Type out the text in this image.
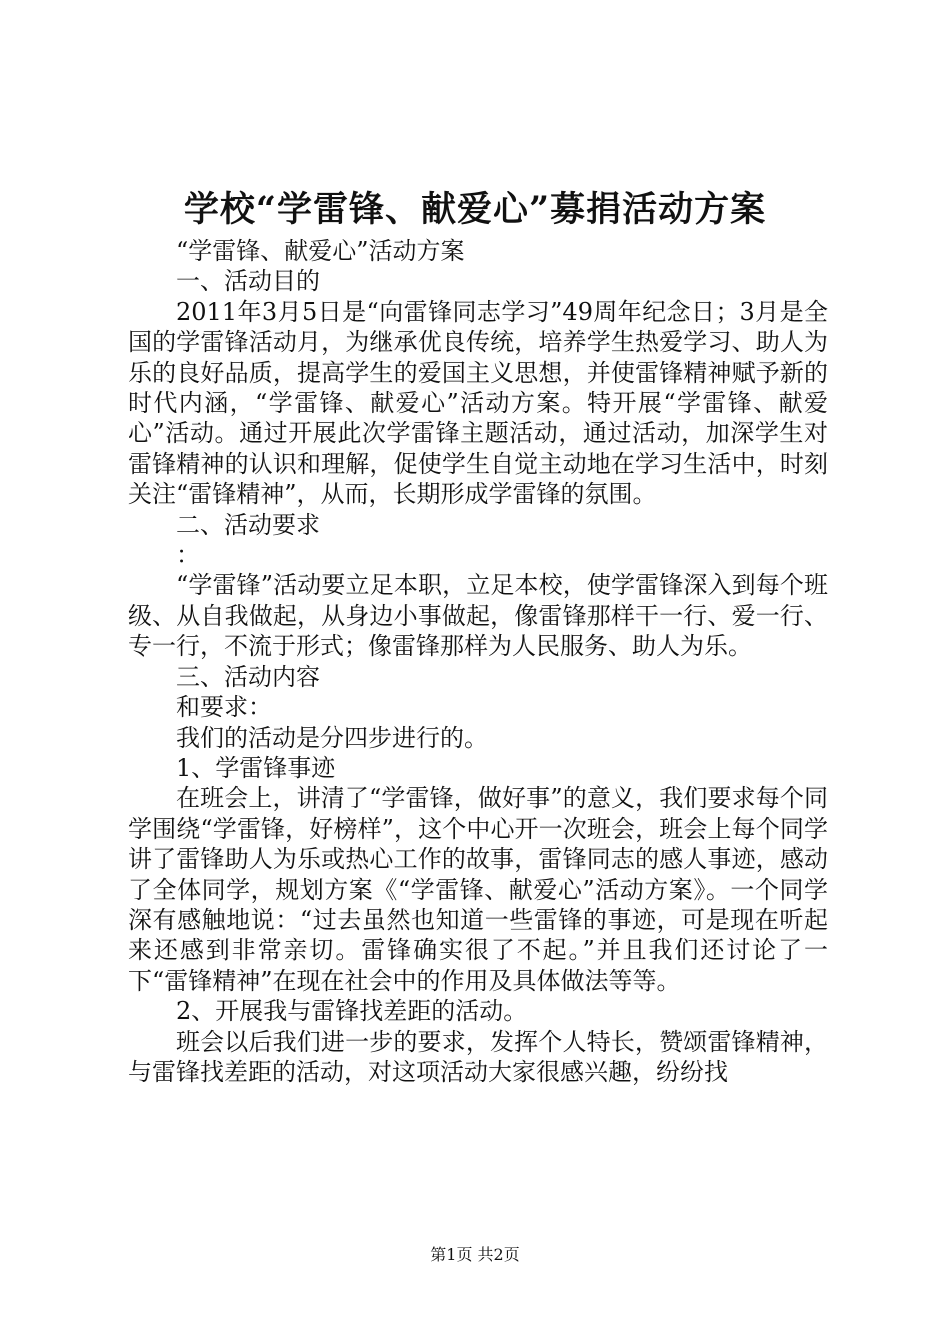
学校“学雷锋、献爱心”募捐活动方案

“学雷锋、献爱心”活动方案

一、活动目的

2011年3月5日是“向雷锋同志学习”49周年纪念日；3月是全国的学雷锋活动月，为继承优良传统，培养学生热爱学习、助人为乐的良好品质，提高学生的爱国主义思想，并使雷锋精神赋予新的时代内涵，“学雷锋、献爱心”活动方案。特开展“学雷锋、献爱心”活动。通过开展此次学雷锋主题活动，通过活动，加深学生对雷锋精神的认识和理解，促使学生自觉主动地在学习生活中，时刻关注“雷锋精神”，从而，长期形成学雷锋的氛围。

二、活动要求

：

“学雷锋”活动要立足本职，立足本校，使学雷锋深入到每个班级、从自我做起，从身边小事做起，像雷锋那样干一行、爱一行、专一行，不流于形式；像雷锋那样为人民服务、助人为乐。

三、活动内容

和要求：

我们的活动是分四步进行的。

1、学雷锋事迹

在班会上，讲清了“学雷锋，做好事”的意义，我们要求每个同学围绕“学雷锋，好榜样”，这个中心开一次班会，班会上每个同学讲了雷锋助人为乐或热心工作的故事，雷锋同志的感人事迹，感动了全体同学，规划方案《“学雷锋、献爱心”活动方案》。一个同学深有感触地说：“过去虽然也知道一些雷锋的事迹，可是现在听起来还感到非常亲切。雷锋确实很了不起。”并且我们还讨论了一下“雷锋精神”在现在社会中的作用及具体做法等等。

2、开展我与雷锋找差距的活动。

班会以后我们进一步的要求，发挥个人特长，赞颂雷锋精神，与雷锋找差距的活动，对这项活动大家很感兴趣，纷纷找

第1页 共2页
